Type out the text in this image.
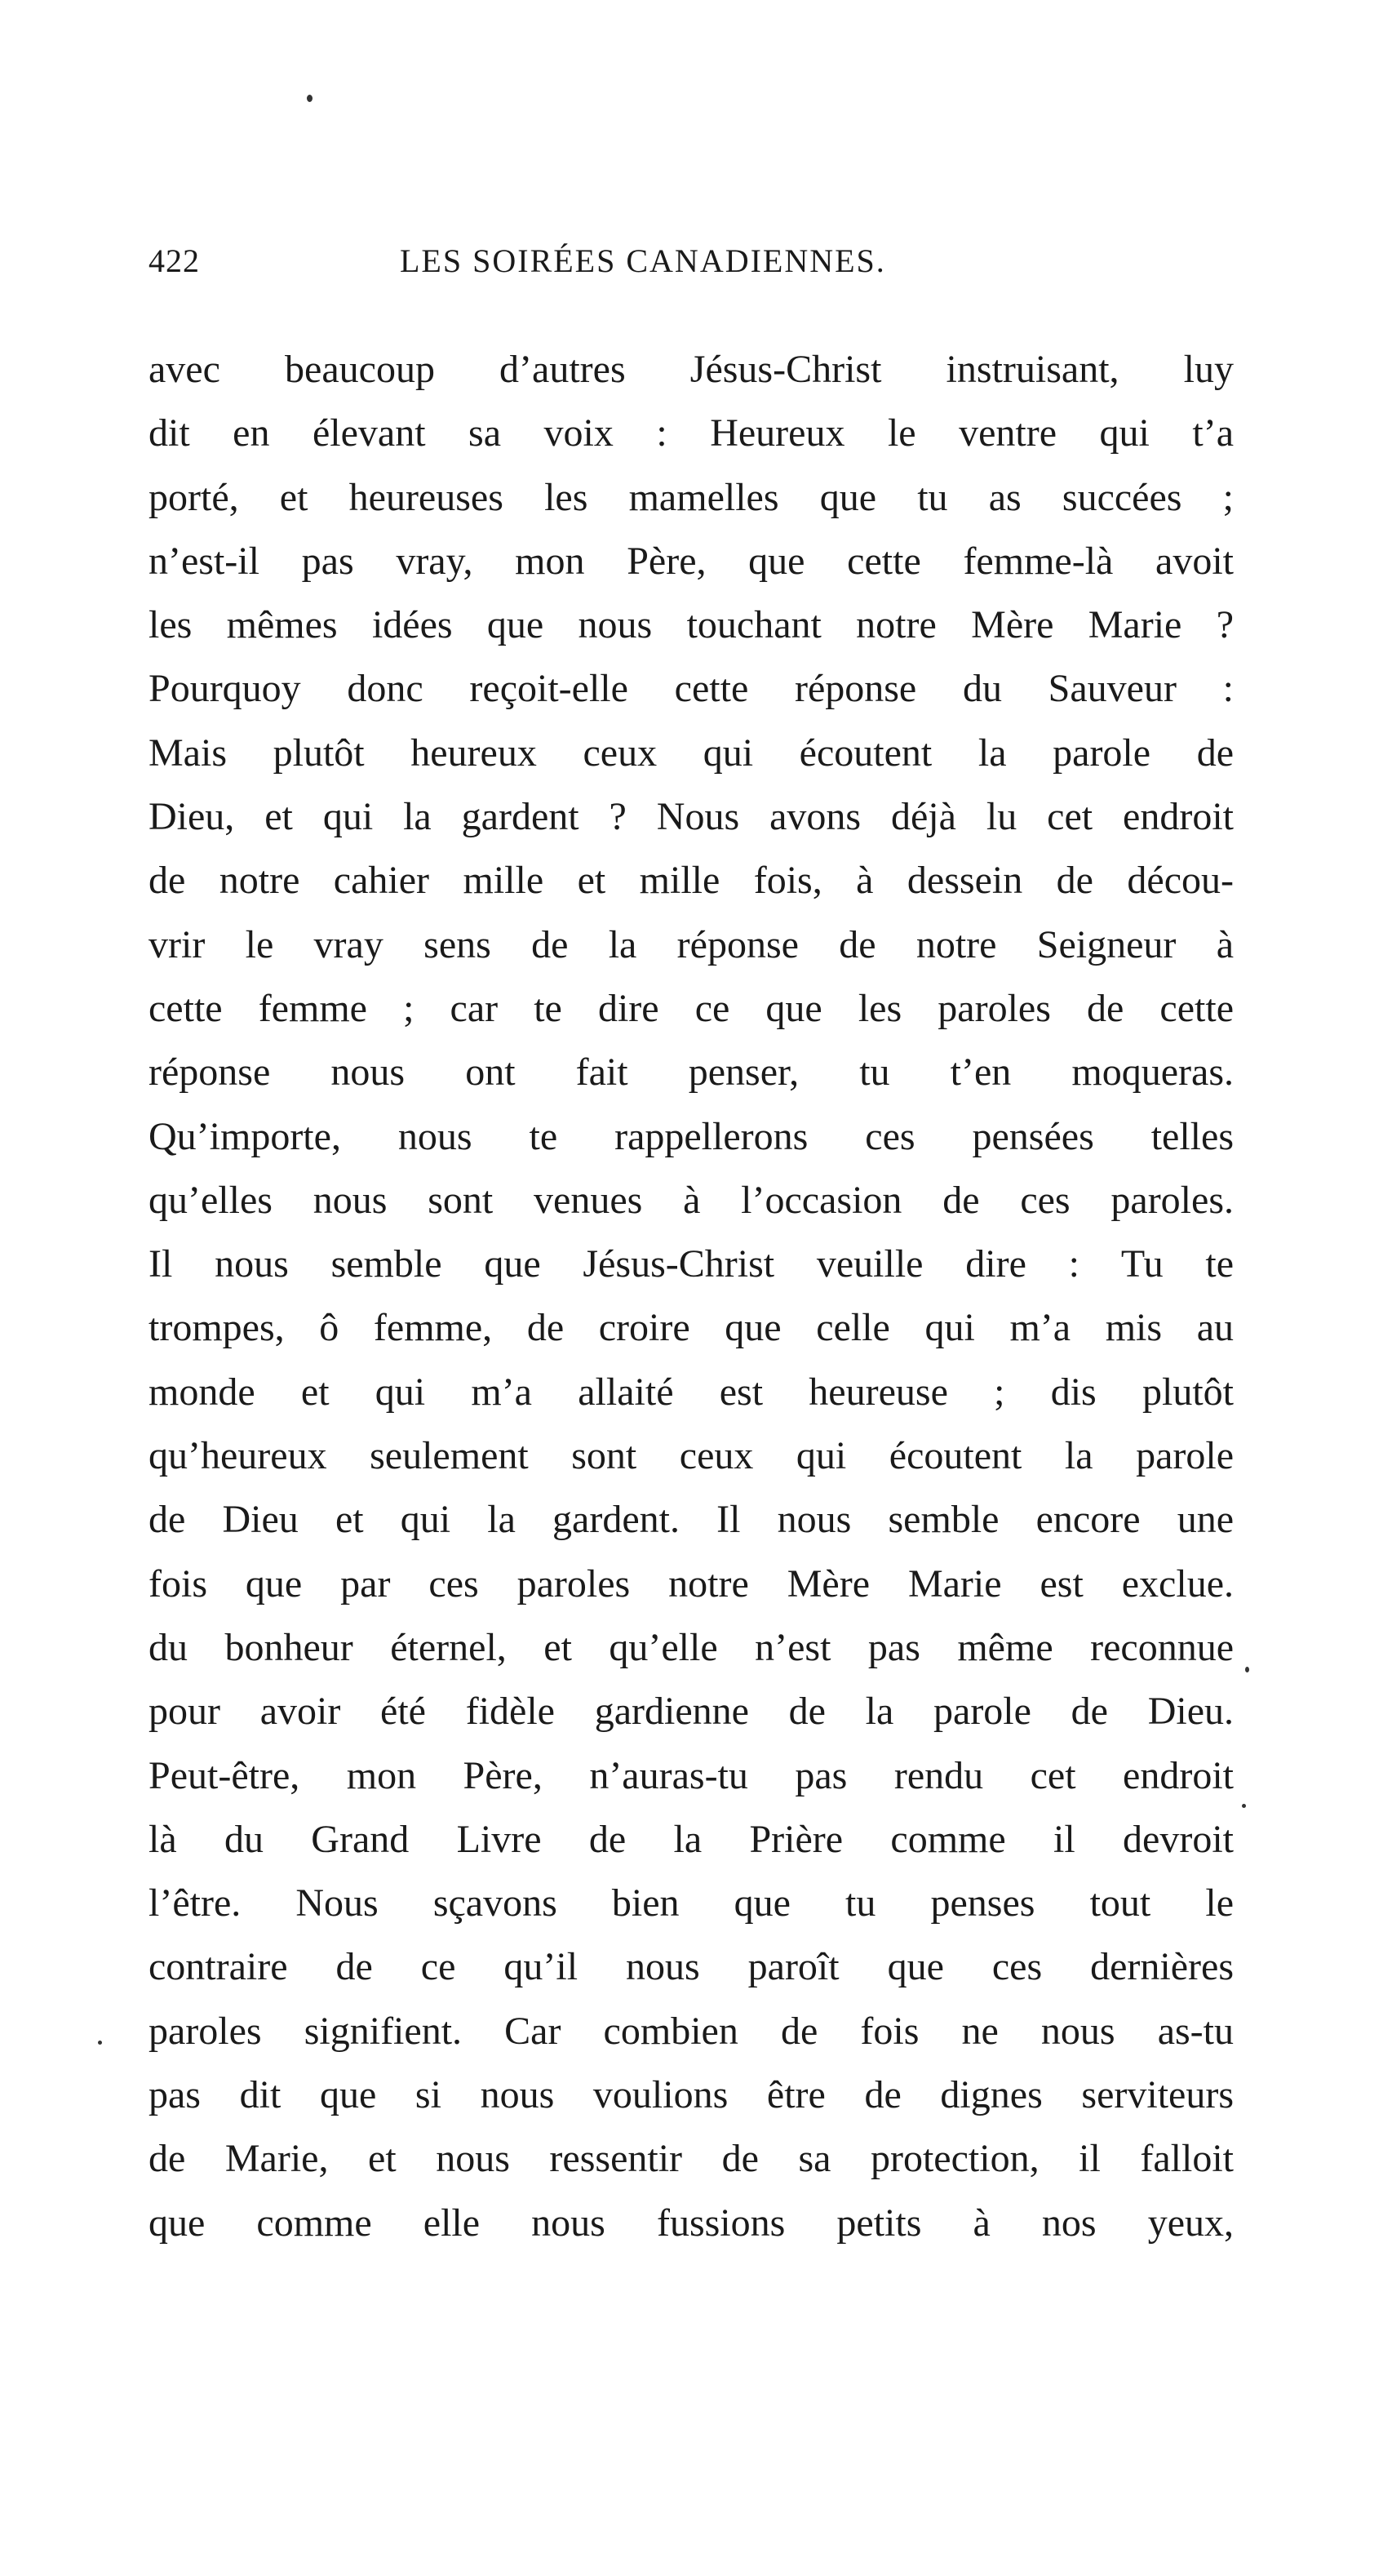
422	LES SOIRÉES CANADIENNES.
avec beaucoup d’autres Jésus-Christ instruisant, luy
dit en élevant sa voix : Heureux le ventre qui t’a
porté, et heureuses les mamelles que tu as succées ;
n’est-il pas vray, mon Père, que cette femme-là avoit
les mêmes idées que nous touchant notre Mère Marie ?
Pourquoy donc reçoit-elle cette réponse du Sauveur :
Mais plutôt heureux ceux qui écoutent la parole de
Dieu, et qui la gardent ? Nous avons déjà lu cet endroit
de notre cahier mille et mille fois, à dessein de décou-
vrir le vray sens de la réponse de notre Seigneur à
cette femme ; car te dire ce que les paroles de cette
réponse nous ont fait penser, tu t’en moqueras.
Qu’importe, nous te rappellerons ces pensées telles
qu’elles nous sont venues à l’occasion de ces paroles.
Il nous semble que Jésus-Christ veuille dire : Tu te
trompes, ô femme, de croire que celle qui m’a mis au
monde et qui m’a allaité est heureuse ; dis plutôt
qu’heureux seulement sont ceux qui écoutent la parole
de Dieu et qui la gardent. Il nous semble encore une
fois que par ces paroles notre Mère Marie est exclue.
du bonheur éternel, et qu’elle n’est pas même reconnue
pour avoir été fidèle gardienne de la parole de Dieu.
Peut-être, mon Père, n’auras-tu pas rendu cet endroit
là du Grand Livre de la Prière comme il devroit
l’être. Nous sçavons bien que tu penses tout le
contraire de ce qu’il nous paroît que ces dernières
paroles signifient. Car combien de fois ne nous as-tu
pas dit que si nous voulions être de dignes serviteurs
de Marie, et nous ressentir de sa protection, il falloit
que comme elle nous fussions petits à nos yeux,
